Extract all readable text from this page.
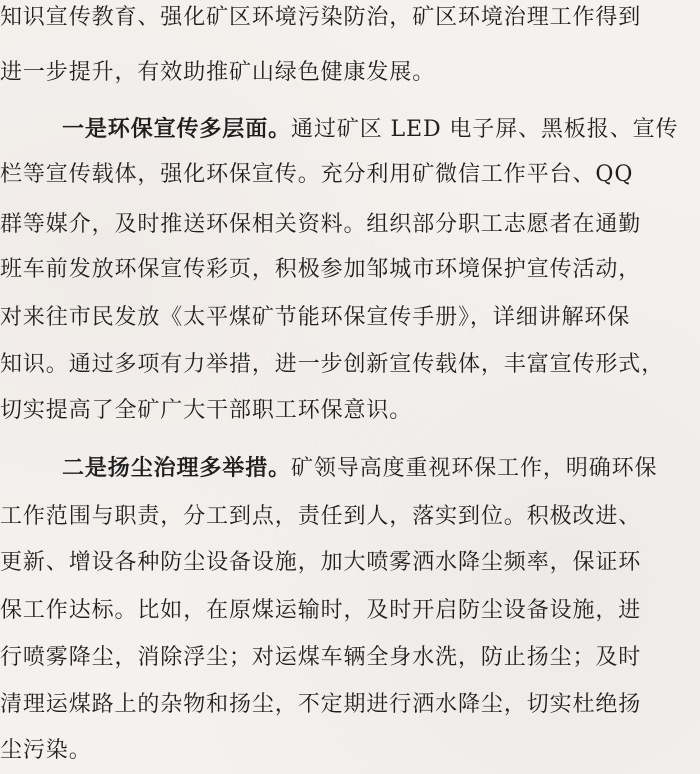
知识宣传教育、强化矿区环境污染防治，矿区环境治理工作得到
进一步提升，有效助推矿山绿色健康发展。
一是环保宣传多层面。通过矿区 LED 电子屏、黑板报、宣传
栏等宣传载体，强化环保宣传。充分利用矿微信工作平台、QQ
群等媒介，及时推送环保相关资料。组织部分职工志愿者在通勤
班车前发放环保宣传彩页，积极参加邹城市环境保护宣传活动，
对来往市民发放《太平煤矿节能环保宣传手册》，详细讲解环保
知识。通过多项有力举措，进一步创新宣传载体，丰富宣传形式，
切实提高了全矿广大干部职工环保意识。
二是扬尘治理多举措。矿领导高度重视环保工作，明确环保
工作范围与职责，分工到点，责任到人，落实到位。积极改进、
更新、增设各种防尘设备设施，加大喷雾洒水降尘频率，保证环
保工作达标。比如，在原煤运输时，及时开启防尘设备设施，进
行喷雾降尘，消除浮尘；对运煤车辆全身水洗，防止扬尘；及时
清理运煤路上的杂物和扬尘，不定期进行洒水降尘，切实杜绝扬
尘污染。
